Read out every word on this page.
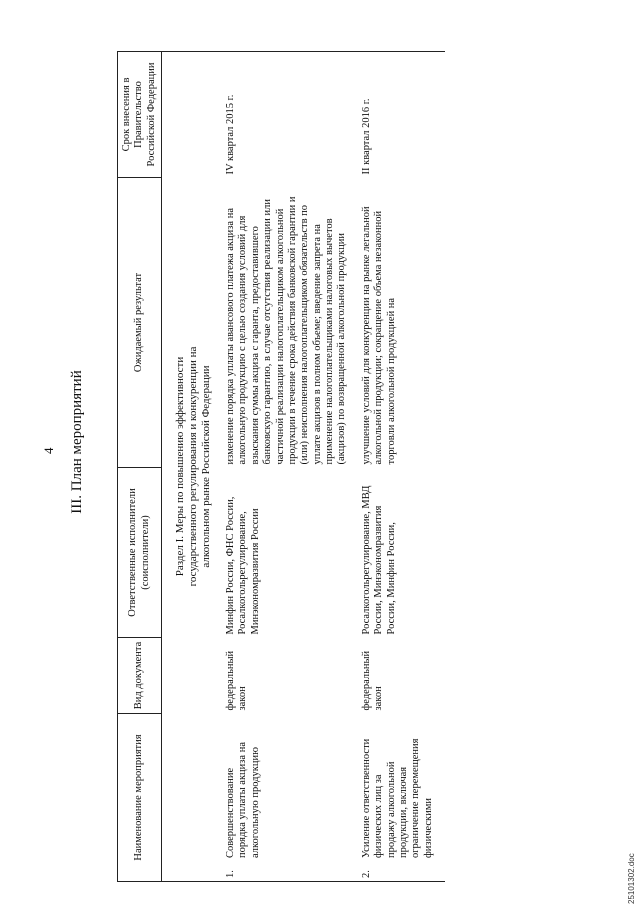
4 III. План мероприятий
Наименование мероприятия	Вид документа	Ответственные исполнители (соисполнители)	Ожидаемый результат	Срок внесения в Правительство Российской Федерации

Раздел I. Меры по повышению эффективности государственного регулирования и конкуренции на алкогольном рынке Российской Федерации				

1.Совершенствование порядка уплаты акциза на алкогольную продукцию	федеральный закон	Минфин России, ФНС России, Росалкогольрегулирование, Минэкономразвития России	изменение порядка уплаты авансового платежа акциза на алкогольную продукцию с целью создания условий для взыскания суммы акциза с гаранта, предоставившего банковскую гарантию, в случае отсутствия реализации или частичной реализации налогоплательщиком алкогольной продукции в течение срока действия банковской гарантии и (или) неисполнения налогоплательщиком обязательств по уплате акцизов в полном объеме; введение запрета на применение налогоплательщиками налоговых вычетов (акцизов) по возвращенной алкогольной продукции	IV квартал 2015 г.
2.Усиление ответственности физических лиц за продажу алкогольной продукции, включая ограничение перемещения физическими	федеральный закон	Росалкогольрегулирование, МВД России, Минэкономразвития России, Минфин России,	улучшение условий для конкуренции на рынке легальной алкогольной продукции; сокращение объема незаконной торговли алкогольной продукцией на	II квартал 2016 г.
25101302.doc
